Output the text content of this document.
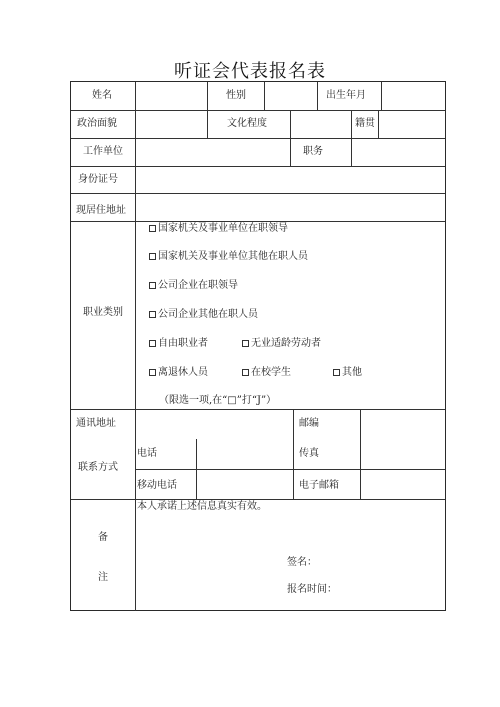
听证会代表报名表
姓名	性别	出生年月
政治面貌	文化程度	籍贯
工作单位	职务
身份证号
现居住地址
职业类别
国家机关及事业单位在职领导
国家机关及事业单位其他在职人员
公司企业在职领导
公司企业其他在职人员
自由职业者	无业适龄劳动者
离退休人员	在校学生	其他
（限选一项,在“□”打“J”）
通讯地址	邮编
联系方式
电话	传真
移动电话	电子邮箱
备
注
本人承诺上述信息真实有效。
签名：
报名时间：
